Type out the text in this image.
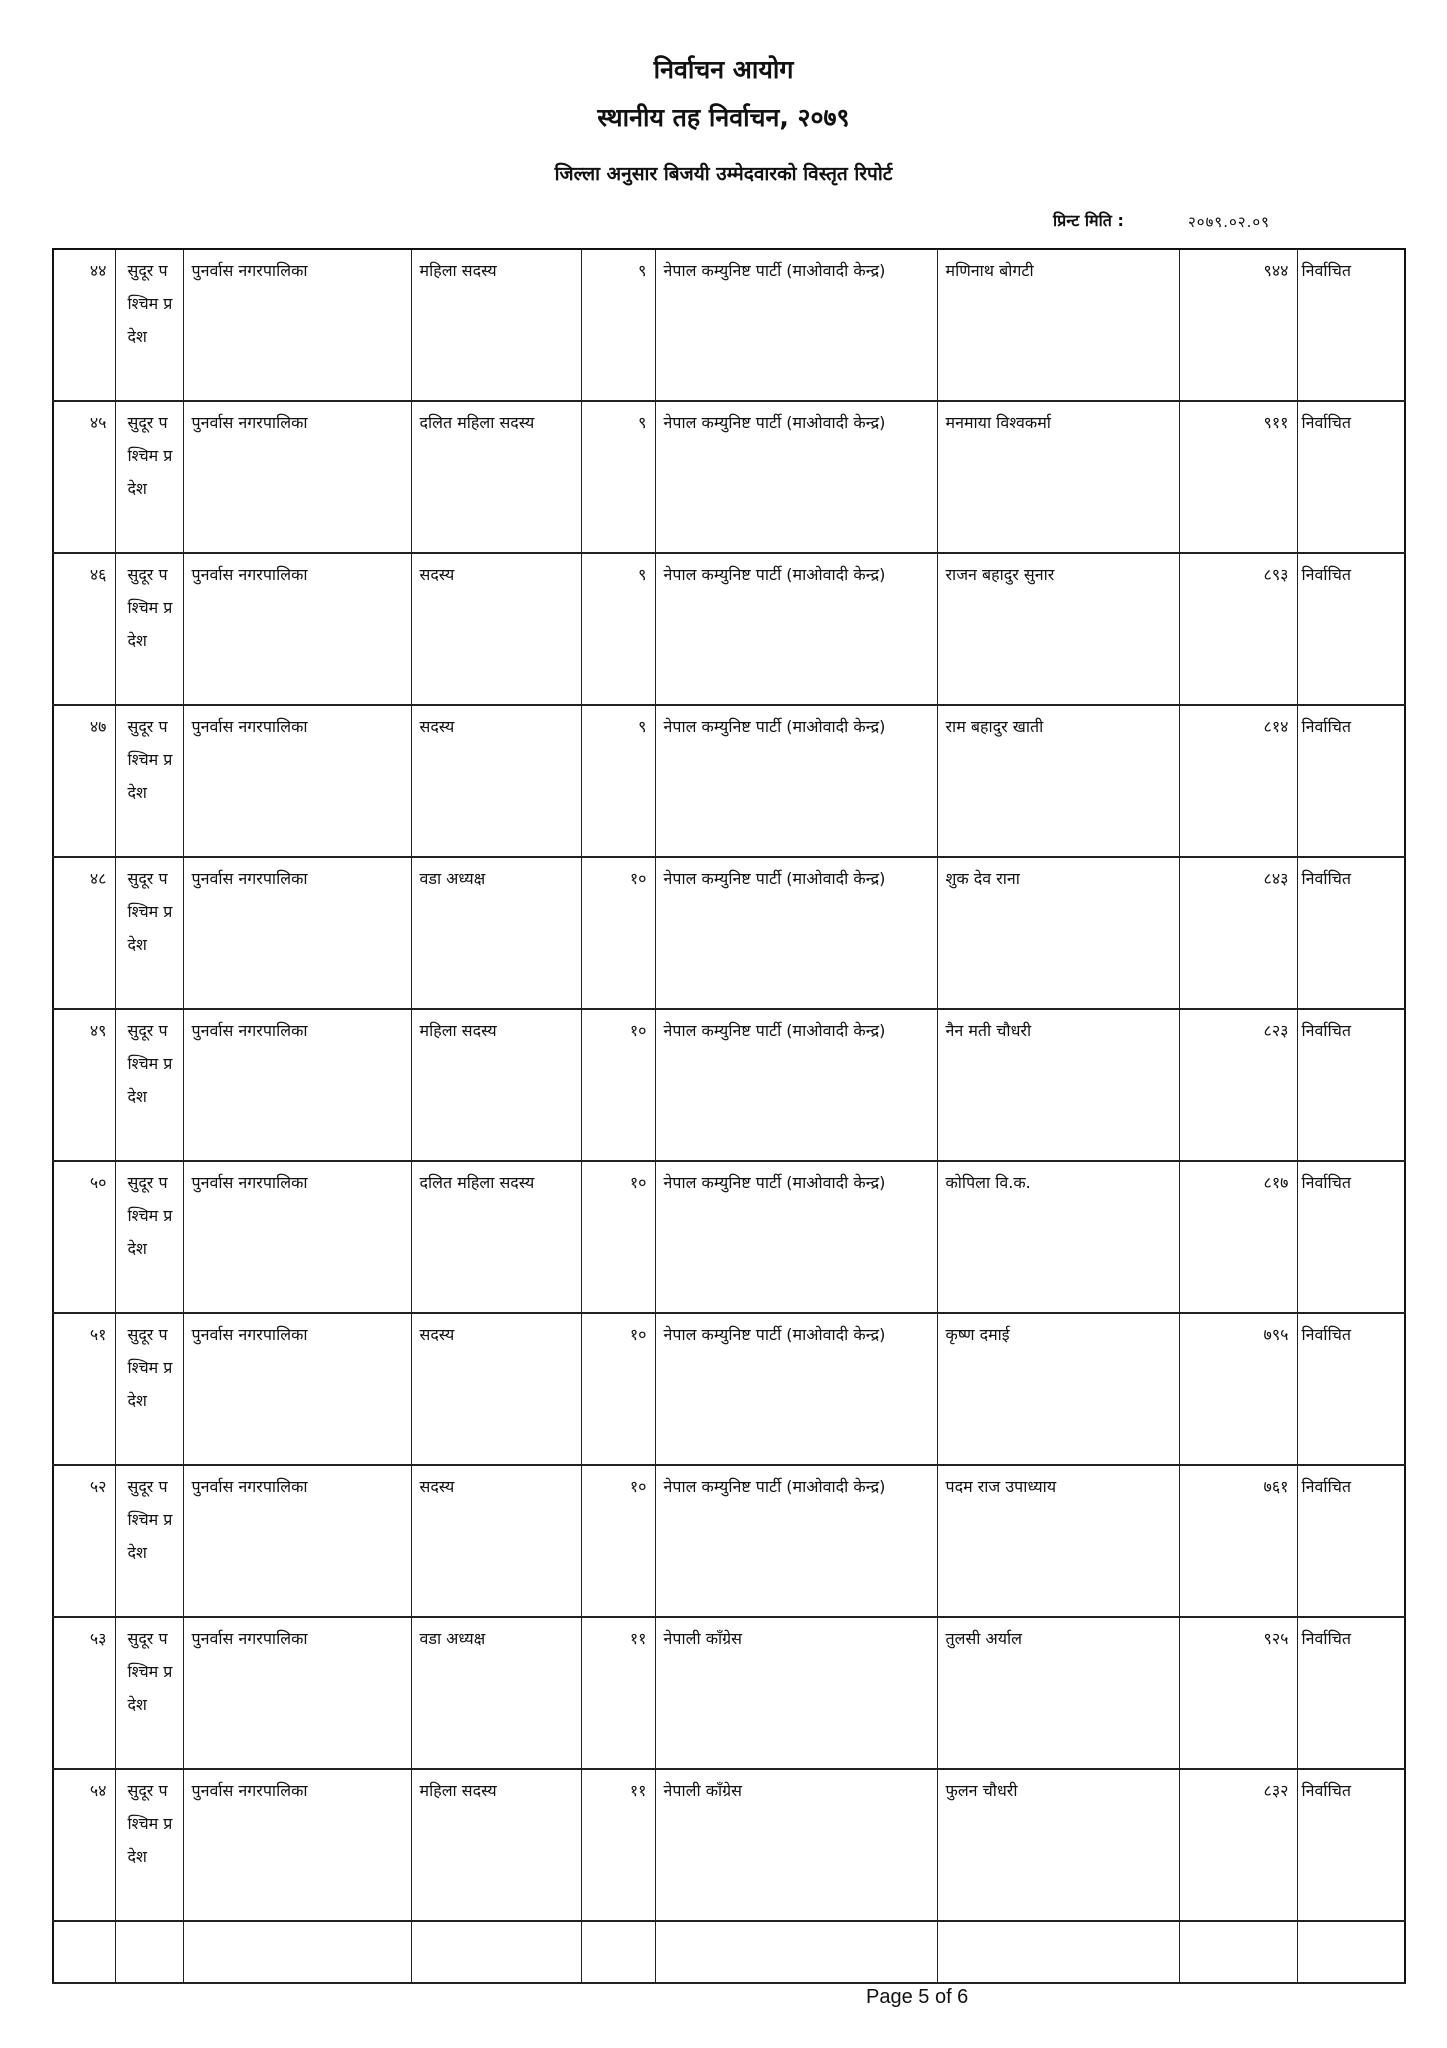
निर्वाचन आयोग
स्थानीय तह निर्वाचन, २०७९
जिल्ला अनुसार बिजयी उम्मेदवारको विस्तृत रिपोर्ट
प्रिन्ट मिति :	२०७९.०२.०९
४४	सुदूर पश्चिम प्रदेश	पुनर्वास नगरपालिका	महिला सदस्य	९	नेपाल कम्युनिष्ट पार्टी (माओवादी केन्द्र)	मणिनाथ बोगटी	९४४	निर्वाचित
४५	सुदूर पश्चिम प्रदेश	पुनर्वास नगरपालिका	दलित महिला सदस्य	९	नेपाल कम्युनिष्ट पार्टी (माओवादी केन्द्र)	मनमाया विश्वकर्मा	९११	निर्वाचित
४६	सुदूर पश्चिम प्रदेश	पुनर्वास नगरपालिका	सदस्य	९	नेपाल कम्युनिष्ट पार्टी (माओवादी केन्द्र)	राजन बहादुर सुनार	८९३	निर्वाचित
४७	सुदूर पश्चिम प्रदेश	पुनर्वास नगरपालिका	सदस्य	९	नेपाल कम्युनिष्ट पार्टी (माओवादी केन्द्र)	राम बहादुर खाती	८१४	निर्वाचित
४८	सुदूर पश्चिम प्रदेश	पुनर्वास नगरपालिका	वडा अध्यक्ष	१०	नेपाल कम्युनिष्ट पार्टी (माओवादी केन्द्र)	शुक देव राना	८४३	निर्वाचित
४९	सुदूर पश्चिम प्रदेश	पुनर्वास नगरपालिका	महिला सदस्य	१०	नेपाल कम्युनिष्ट पार्टी (माओवादी केन्द्र)	नैन मती चौधरी	८२३	निर्वाचित
५०	सुदूर पश्चिम प्रदेश	पुनर्वास नगरपालिका	दलित महिला सदस्य	१०	नेपाल कम्युनिष्ट पार्टी (माओवादी केन्द्र)	कोपिला वि.क.	८१७	निर्वाचित
५१	सुदूर पश्चिम प्रदेश	पुनर्वास नगरपालिका	सदस्य	१०	नेपाल कम्युनिष्ट पार्टी (माओवादी केन्द्र)	कृष्ण दमाई	७९५	निर्वाचित
५२	सुदूर पश्चिम प्रदेश	पुनर्वास नगरपालिका	सदस्य	१०	नेपाल कम्युनिष्ट पार्टी (माओवादी केन्द्र)	पदम राज उपाध्याय	७६१	निर्वाचित
५३	सुदूर पश्चिम प्रदेश	पुनर्वास नगरपालिका	वडा अध्यक्ष	११	नेपाली काँग्रेस	तुलसी अर्याल	९२५	निर्वाचित
५४	सुदूर पश्चिम प्रदेश	पुनर्वास नगरपालिका	महिला सदस्य	११	नेपाली काँग्रेस	फुलन चौधरी	८३२	निर्वाचित

Page 5 of 6
